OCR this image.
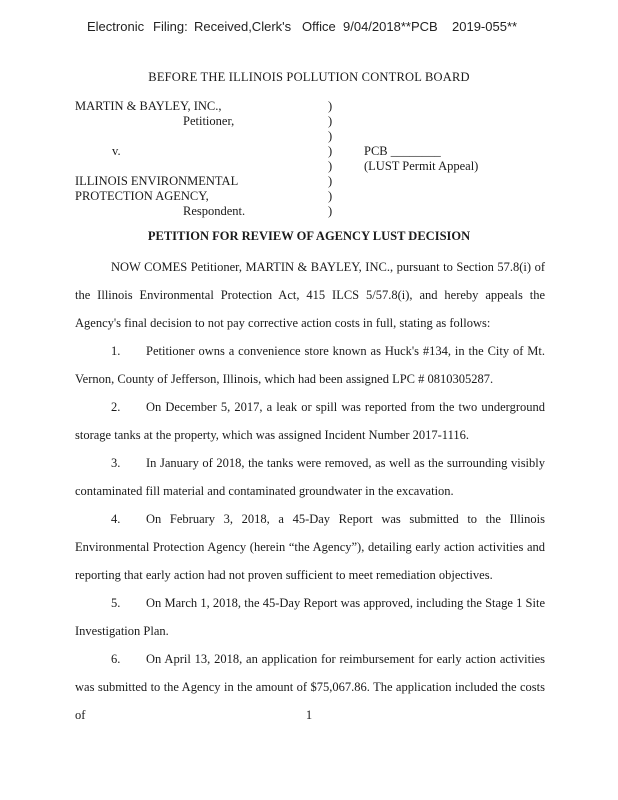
Electronic Filing: Received,Clerk's Office 9/04/2018**PCB 2019-055**
BEFORE THE ILLINOIS POLLUTION CONTROL BOARD
MARTIN & BAYLEY, INC.,
Petitioner,
v.
ILLINOIS ENVIRONMENTAL
PROTECTION AGENCY,
Respondent.
)
)
)
)
)
)
)
)
PCB ________
(LUST Permit Appeal)
PETITION FOR REVIEW OF AGENCY LUST DECISION

NOW COMES Petitioner, MARTIN & BAYLEY, INC., pursuant to Section 57.8(i) of the Illinois Environmental Protection Act, 415 ILCS 5/57.8(i), and hereby appeals the Agency's final decision to not pay corrective action costs in full, stating as follows:

1. Petitioner owns a convenience store known as Huck's #134, in the City of Mt. Vernon, County of Jefferson, Illinois, which had been assigned LPC # 0810305287.

2. On December 5, 2017, a leak or spill was reported from the two underground storage tanks at the property, which was assigned Incident Number 2017-1116.

3. In January of 2018, the tanks were removed, as well as the surrounding visibly contaminated fill material and contaminated groundwater in the excavation.

4. On February 3, 2018, a 45-Day Report was submitted to the Illinois Environmental Protection Agency (herein “the Agency”), detailing early action activities and reporting that early action had not proven sufficient to meet remediation objectives.

5. On March 1, 2018, the 45-Day Report was approved, including the Stage 1 Site Investigation Plan.

6. On April 13, 2018, an application for reimbursement for early action activities was submitted to the Agency in the amount of $75,067.86. The application included the costs of	1
